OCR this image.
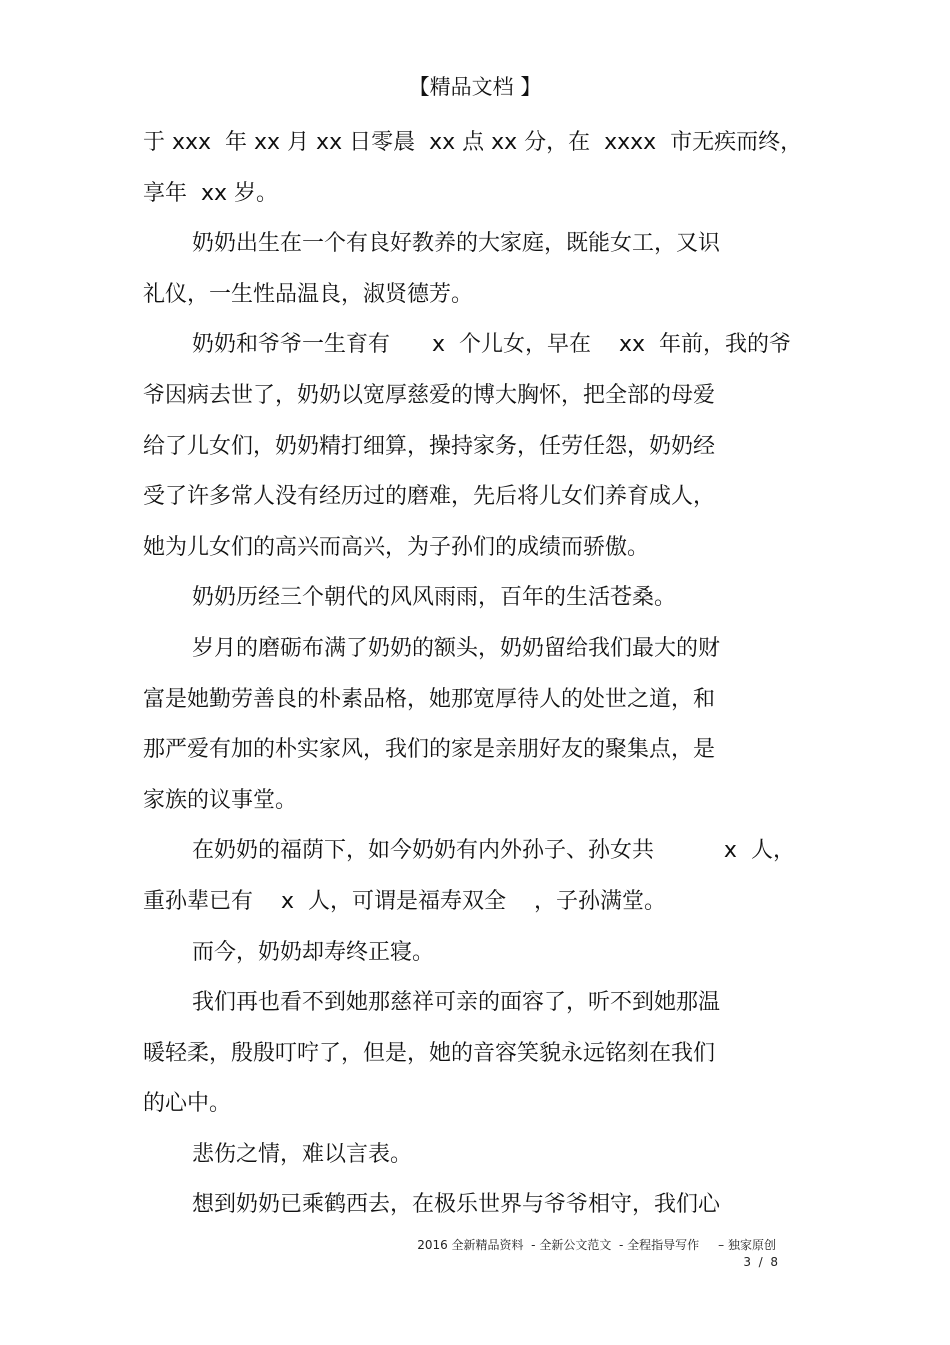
【精品文档 】
于 xxx  年 xx 月 xx 日零晨  xx 点 xx 分，在  xxxx  市无疾而终，
享年  xx 岁。
奶奶出生在一个有良好教养的大家庭，既能女工，又识
礼仪，一生性品温良，淑贤德芳。
奶奶和爷爷一生育有      x  个儿女，早在    xx  年前，我的爷
爷因病去世了，奶奶以宽厚慈爱的博大胸怀，把全部的母爱
给了儿女们，奶奶精打细算，操持家务，任劳任怨，奶奶经
受了许多常人没有经历过的磨难，先后将儿女们养育成人，
她为儿女们的高兴而高兴，为子孙们的成绩而骄傲。
奶奶历经三个朝代的风风雨雨，百年的生活苍桑。
岁月的磨砺布满了奶奶的额头，奶奶留给我们最大的财
富是她勤劳善良的朴素品格，她那宽厚待人的处世之道，和
那严爱有加的朴实家风，我们的家是亲朋好友的聚集点，是
家族的议事堂。
在奶奶的福荫下，如今奶奶有内外孙子、孙女共          x  人，
重孙辈已有    x  人，可谓是福寿双全    ，子孙满堂。
而今，奶奶却寿终正寝。
我们再也看不到她那慈祥可亲的面容了，听不到她那温
暖轻柔，殷殷叮咛了，但是，她的音容笑貌永远铭刻在我们
的心中。
悲伤之情，难以言表。
想到奶奶已乘鹤西去，在极乐世界与爷爷相守，我们心
2016 全新精品资料  - 全新公文范文  - 全程指导写作     – 独家原创
3  /  8
